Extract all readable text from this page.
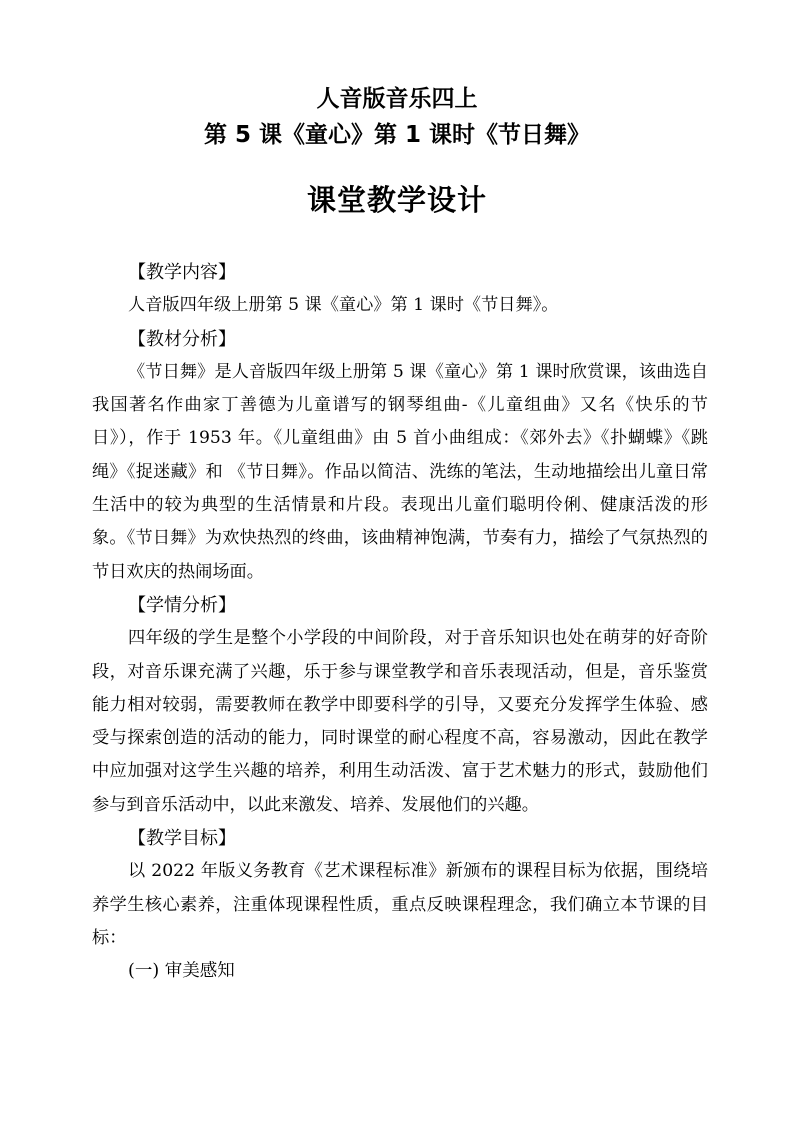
人音版音乐四上
第 5 课《童心》第 1 课时《节日舞》
课堂教学设计
【教学内容】

人音版四年级上册第 5 课《童心》第 1 课时《节日舞》。

【教材分析】

《节日舞》是人音版四年级上册第 5 课《童心》第 1 课时欣赏课，该曲选自我国著名作曲家丁善德为儿童谱写的钢琴组曲-《儿童组曲》又名《快乐的节日》），作于 1953 年。《儿童组曲》由 5 首小曲组成：《郊外去》《扑蝴蝶》《跳绳》《捉迷藏》和 《节日舞》。作品以简洁、洗练的笔法，生动地描绘出儿童日常生活中的较为典型的生活情景和片段。表现出儿童们聪明伶俐、健康活泼的形象。《节日舞》为欢快热烈的终曲，该曲精神饱满，节奏有力，描绘了气氛热烈的节日欢庆的热闹场面。

【学情分析】

四年级的学生是整个小学段的中间阶段，对于音乐知识也处在萌芽的好奇阶段，对音乐课充满了兴趣，乐于参与课堂教学和音乐表现活动，但是，音乐鉴赏能力相对较弱，需要教师在教学中即要科学的引导，又要充分发挥学生体验、感受与探索创造的活动的能力，同时课堂的耐心程度不高，容易激动，因此在教学中应加强对这学生兴趣的培养，利用生动活泼、富于艺术魅力的形式，鼓励他们参与到音乐活动中，以此来激发、培养、发展他们的兴趣。

【教学目标】

以 2022 年版义务教育《艺术课程标准》新颁布的课程目标为依据，围绕培养学生核心素养，注重体现课程性质，重点反映课程理念，我们确立本节课的目标：

(一) 审美感知
